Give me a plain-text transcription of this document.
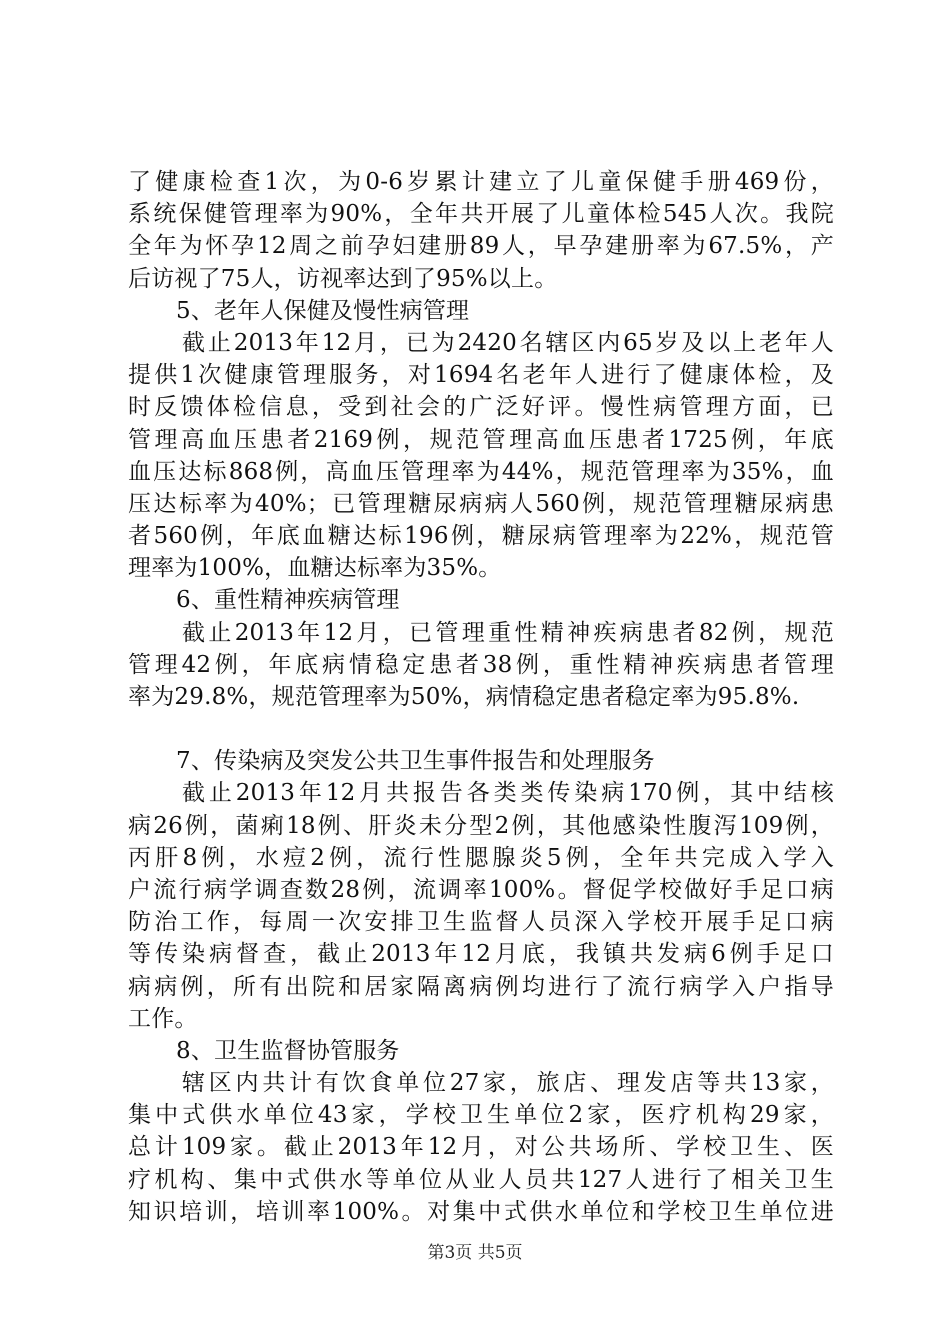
了健康检查1次，为0-6岁累计建立了儿童保健手册469份，
系统保健管理率为90%，全年共开展了儿童体检545人次。我院
全年为怀孕12周之前孕妇建册89人，早孕建册率为67.5%，产
后访视了75人，访视率达到了95%以上。
5、老年人保健及慢性病管理
截止2013年12月，已为2420名辖区内65岁及以上老年人
提供1次健康管理服务，对1694名老年人进行了健康体检，及
时反馈体检信息，受到社会的广泛好评。慢性病管理方面，已
管理高血压患者2169例，规范管理高血压患者1725例，年底
血压达标868例，高血压管理率为44%，规范管理率为35%，血
压达标率为40%；已管理糖尿病病人560例，规范管理糖尿病患
者560例，年底血糖达标196例，糖尿病管理率为22%，规范管
理率为100%，血糖达标率为35%。
6、重性精神疾病管理
截止2013年12月，已管理重性精神疾病患者82例，规范
管理42例，年底病情稳定患者38例，重性精神疾病患者管理
率为29.8%，规范管理率为50%，病情稳定患者稳定率为95.8%.
7、传染病及突发公共卫生事件报告和处理服务
截止2013年12月共报告各类类传染病170例，其中结核
病26例，菌痢18例、肝炎未分型2例，其他感染性腹泻109例，
丙肝8例，水痘2例，流行性腮腺炎5例，全年共完成入学入
户流行病学调查数28例，流调率100%。督促学校做好手足口病
防治工作，每周一次安排卫生监督人员深入学校开展手足口病
等传染病督查，截止2013年12月底，我镇共发病6例手足口
病病例，所有出院和居家隔离病例均进行了流行病学入户指导
工作。
8、卫生监督协管服务
辖区内共计有饮食单位27家，旅店、理发店等共13家，
集中式供水单位43家，学校卫生单位2家，医疗机构29家，
总计109家。截止2013年12月，对公共场所、学校卫生、医
疗机构、集中式供水等单位从业人员共127人进行了相关卫生
知识培训，培训率100%。对集中式供水单位和学校卫生单位进
第3页 共5页
